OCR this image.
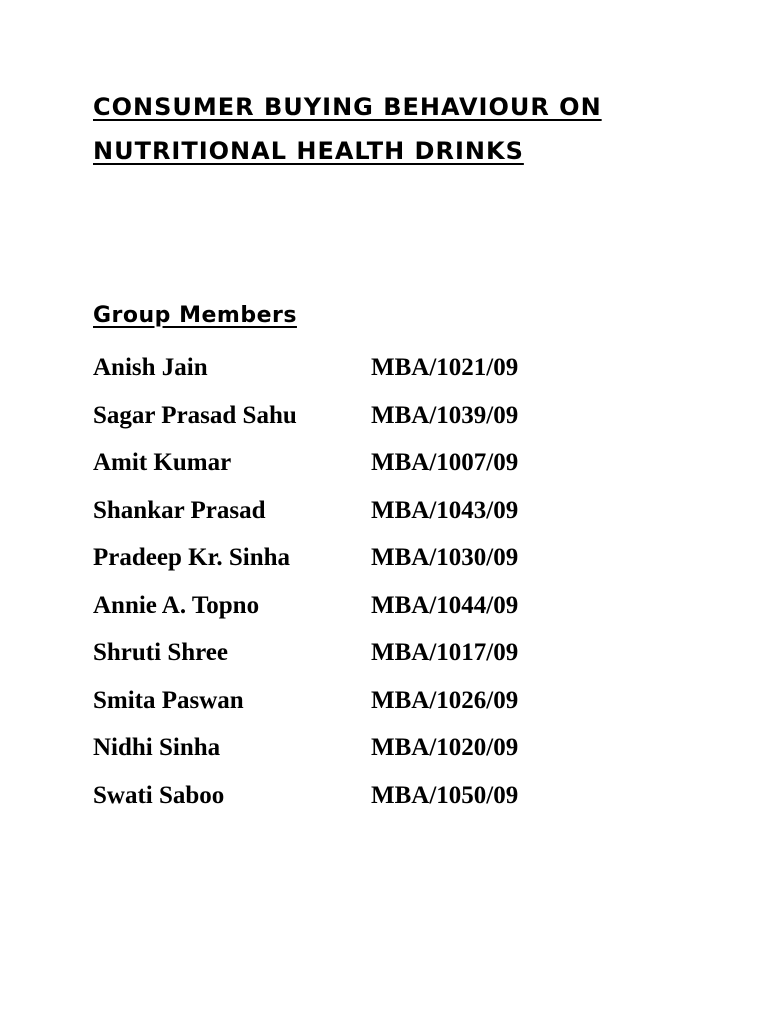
CONSUMER BUYING BEHAVIOUR ON
NUTRITIONAL HEALTH DRINKS
Group Members
Anish Jain	MBA/1021/09
Sagar Prasad Sahu	MBA/1039/09
Amit Kumar	MBA/1007/09
Shankar Prasad	MBA/1043/09
Pradeep Kr. Sinha	MBA/1030/09
Annie A. Topno	MBA/1044/09
Shruti Shree	MBA/1017/09
Smita Paswan	MBA/1026/09
Nidhi Sinha	MBA/1020/09
Swati Saboo	MBA/1050/09
